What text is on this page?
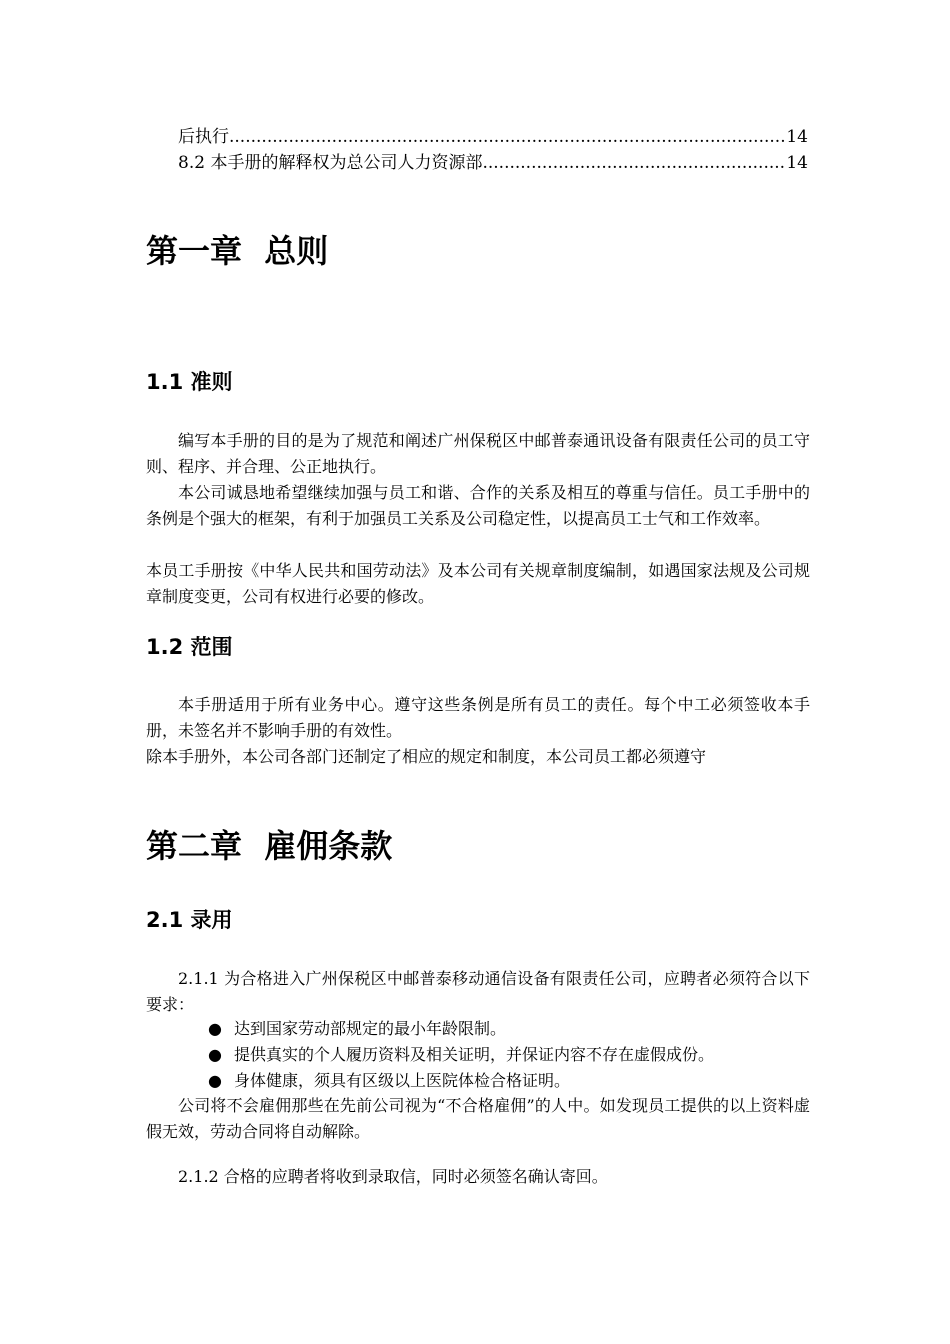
后执行 .....	14
8.2 本手册的解释权为总公司人力资源部 .....	14
第一章  总则
1.1 准则

编写本手册的目的是为了规范和阐述广州保税区中邮普泰通讯设备有限责任公司的员工守则、程序、并合理、公正地执行。

本公司诚恳地希望继续加强与员工和谐、合作的关系及相互的尊重与信任。员工手册中的条例是个强大的框架，有利于加强员工关系及公司稳定性，以提高员工士气和工作效率。

本员工手册按《中华人民共和国劳动法》及本公司有关规章制度编制，如遇国家法规及公司规章制度变更，公司有权进行必要的修改。

1.2 范围

本手册适用于所有业务中心。遵守这些条例是所有员工的责任。每个中工必须签收本手册，未签名并不影响手册的有效性。

除本手册外，本公司各部门还制定了相应的规定和制度，本公司员工都必须遵守

第二章  雇佣条款
2.1 录用

2.1.1 为合格进入广州保税区中邮普泰移动通信设备有限责任公司，应聘者必须符合以下要求：

● 达到国家劳动部规定的最小年龄限制。
● 提供真实的个人履历资料及相关证明，并保证内容不存在虚假成份。
● 身体健康，须具有区级以上医院体检合格证明。

公司将不会雇佣那些在先前公司视为“不合格雇佣”的人中。如发现员工提供的以上资料虚假无效，劳动合同将自动解除。

2.1.2 合格的应聘者将收到录取信，同时必须签名确认寄回。
